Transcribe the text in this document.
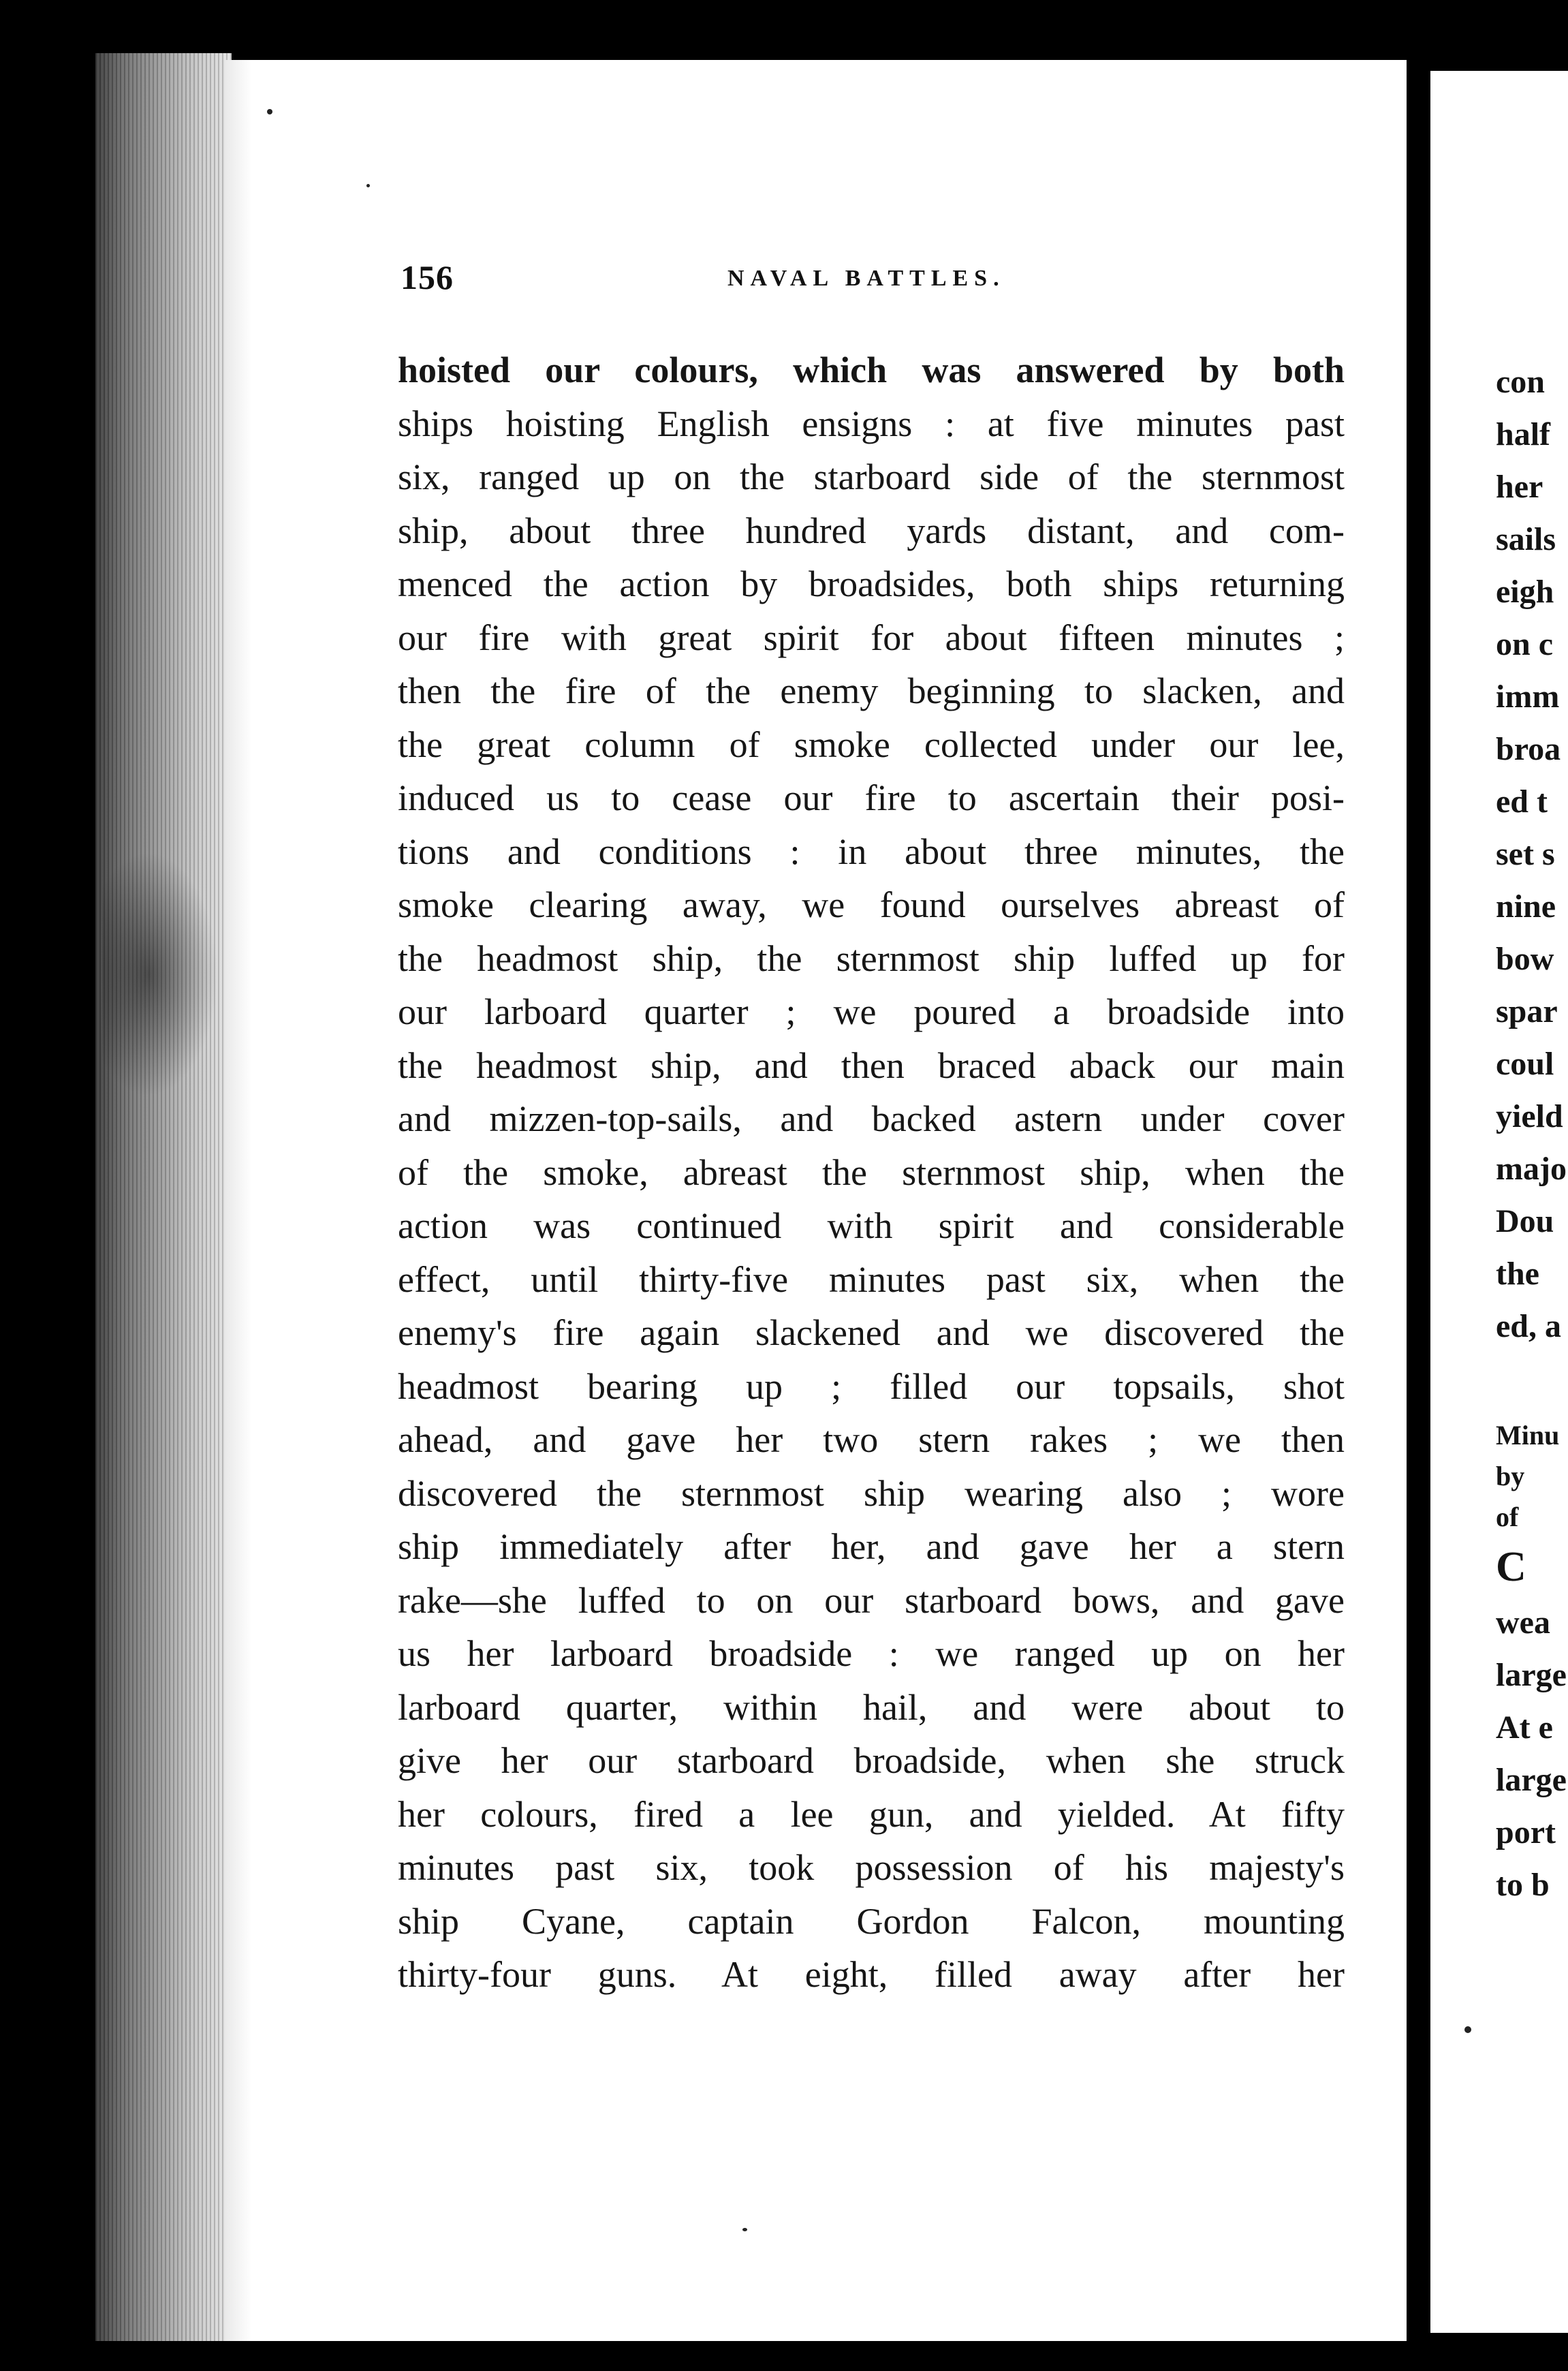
156	NAVAL BATTLES.
hoisted our colours, which was answered by both
ships hoisting English ensigns : at five minutes past
six, ranged up on the starboard side of the sternmost
ship, about three hundred yards distant, and com-
menced the action by broadsides, both ships returning
our fire with great spirit for about fifteen minutes ;
then the fire of the enemy beginning to slacken, and
the great column of smoke collected under our lee,
induced us to cease our fire to ascertain their posi-
tions and conditions : in about three minutes, the
smoke clearing away, we found ourselves abreast of
the headmost ship, the sternmost ship luffed up for
our larboard quarter ; we poured a broadside into
the headmost ship, and then braced aback our main
and mizzen-top-sails, and backed astern under cover
of the smoke, abreast the sternmost ship, when the
action was continued with spirit and considerable
effect, until thirty-five minutes past six, when the
enemy's fire again slackened and we discovered the
headmost bearing up ; filled our topsails, shot
ahead, and gave her two stern rakes ; we then
discovered the sternmost ship wearing also ; wore
ship immediately after her, and gave her a stern
rake—she luffed to on our starboard bows, and gave
us her larboard broadside : we ranged up on her
larboard quarter, within hail, and were about to
give her our starboard broadside, when she struck
her colours, fired a lee gun, and yielded. At fifty
minutes past six, took possession of his majesty's
ship Cyane, captain Gordon Falcon, mounting
thirty-four guns. At eight, filled away after her
con
half
her
sails
eigh
on c
imm
broa
ed t
set s
nine
bow
spar
coul
yield
majo
Dou
the
ed, a
Minu
by
of
C
wea
large
At e
large
port
to b
